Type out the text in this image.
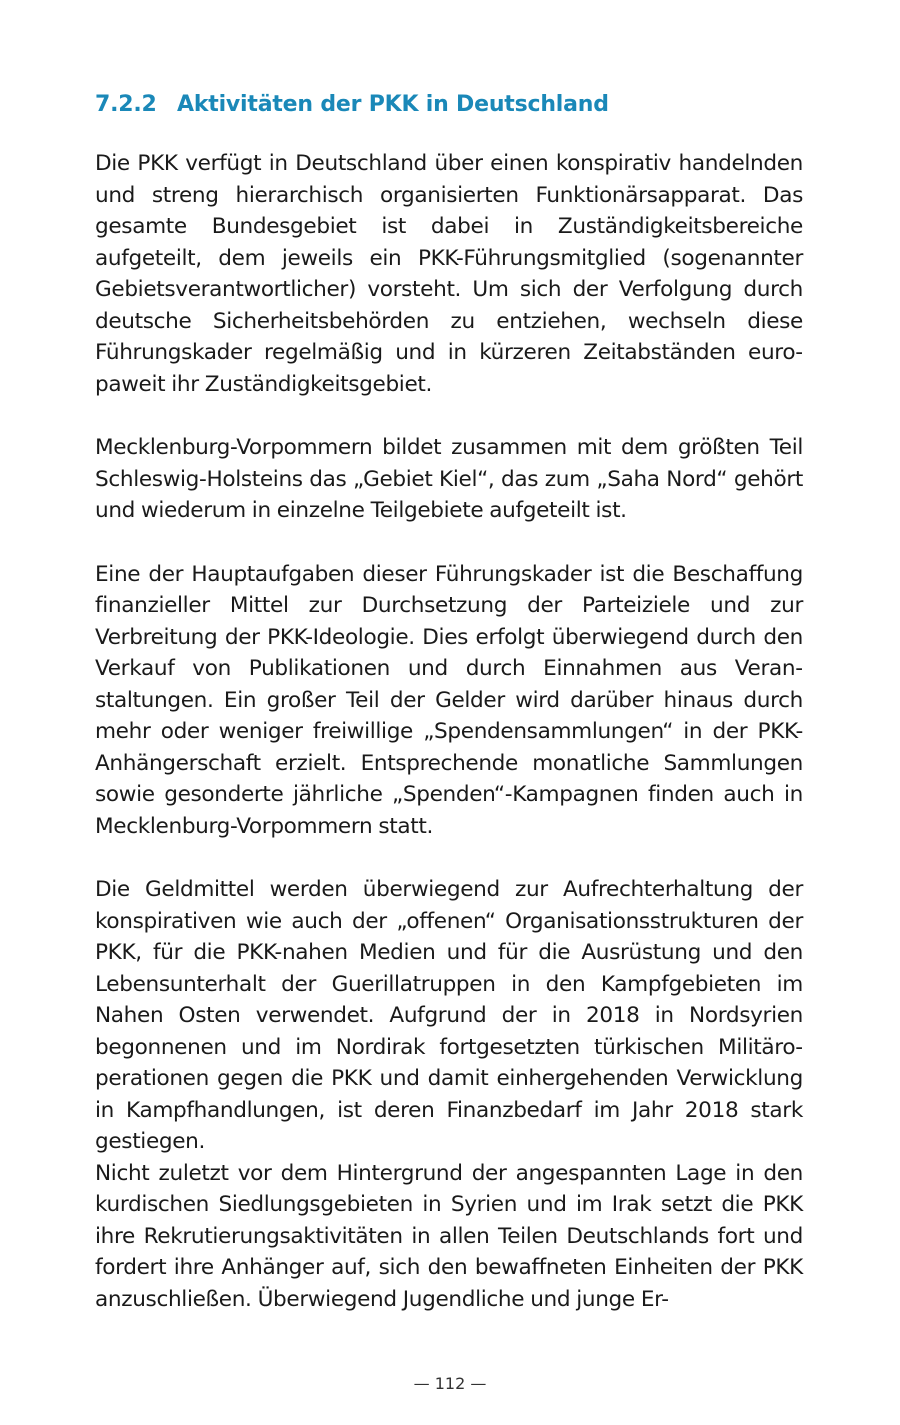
7.2.2 Aktivitäten der PKK in Deutschland

Die PKK verfügt in Deutschland über einen konspirativ handelnden und streng hierarchisch organisierten Funktionärsapparat. Das gesamte Bundesgebiet ist dabei in Zuständigkeitsbereiche aufgeteilt, dem jeweils ein PKK-Führungsmitglied (sogenannter Gebietsverantwortlicher) vorsteht. Um sich der Verfolgung durch deutsche Sicherheitsbehörden zu entziehen, wechseln diese Führungskader regelmäßig und in kürzeren Zeitabständen europaweit ihr Zuständigkeitsgebiet.

Mecklenburg-Vorpommern bildet zusammen mit dem größten Teil Schleswig-Holsteins das „Gebiet Kiel“, das zum „Saha Nord“ gehört und wiederum in einzelne Teilgebiete aufgeteilt ist.

Eine der Hauptaufgaben dieser Führungskader ist die Beschaffung finanzieller Mittel zur Durchsetzung der Parteiziele und zur Verbreitung der PKK-Ideologie. Dies erfolgt überwiegend durch den Verkauf von Publikationen und durch Einnahmen aus Veranstaltungen. Ein großer Teil der Gelder wird darüber hinaus durch mehr oder weniger freiwillige „Spendensammlungen“ in der PKK-Anhängerschaft erzielt. Entsprechende monatliche Sammlungen sowie gesonderte jährliche „Spenden“-Kampagnen finden auch in Mecklenburg-Vorpommern statt.

Die Geldmittel werden überwiegend zur Aufrechterhaltung der konspirativen wie auch der „offenen“ Organisationsstrukturen der PKK, für die PKK-nahen Medien und für die Ausrüstung und den Lebensunterhalt der Guerillatruppen in den Kampfgebieten im Nahen Osten verwendet. Aufgrund der in 2018 in Nordsyrien begonnenen und im Nordirak fortgesetzten türkischen Militäroperationen gegen die PKK und damit einhergehenden Verwicklung in Kampfhandlungen, ist deren Finanzbedarf im Jahr 2018 stark gestiegen.

Nicht zuletzt vor dem Hintergrund der angespannten Lage in den kurdischen Siedlungsgebieten in Syrien und im Irak setzt die PKK ihre Rekrutierungsaktivitäten in allen Teilen Deutschlands fort und fordert ihre Anhänger auf, sich den bewaffneten Einheiten der PKK anzuschließen. Überwiegend Jugendliche und junge Er-

— 112 —
